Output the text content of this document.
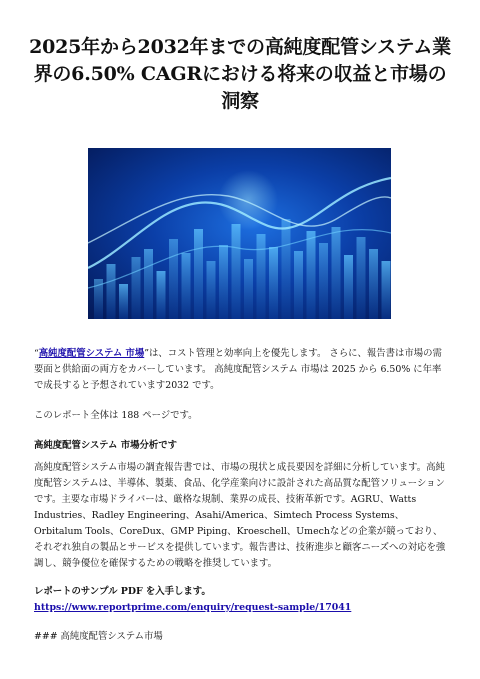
2025年から2032年までの高純度配管システム業界の6.50% CAGRにおける将来の収益と市場の洞察

“高純度配管システム 市場”は、コスト管理と効率向上を優先します。 さらに、報告書は市場の需要面と供給面の両方をカバーしています。 高純度配管システム 市場は 2025 から 6.50% に年率で成長すると予想されています2032 です。

このレポート全体は 188 ページです。

高純度配管システム 市場分析です

高純度配管システム市場の調査報告書では、市場の現状と成長要因を詳細に分析しています。高純度配管システムは、半導体、製薬、食品、化学産業向けに設計された高品質な配管ソリューションです。主要な市場ドライバーは、厳格な規制、業界の成長、技術革新です。AGRU、Watts Industries、Radley Engineering、Asahi/America、Simtech Process Systems、Orbitalum Tools、CoreDux、GMP Piping、Kroeschell、Umechなどの企業が競っており、それぞれ独自の製品とサービスを提供しています。報告書は、技術進歩と顧客ニーズへの対応を強調し、競争優位を確保するための戦略を推奨しています。

レポートのサンプル PDF を入手します。 https://www.reportprime.com/enquiry/request-sample/17041

### 高純度配管システム市場
